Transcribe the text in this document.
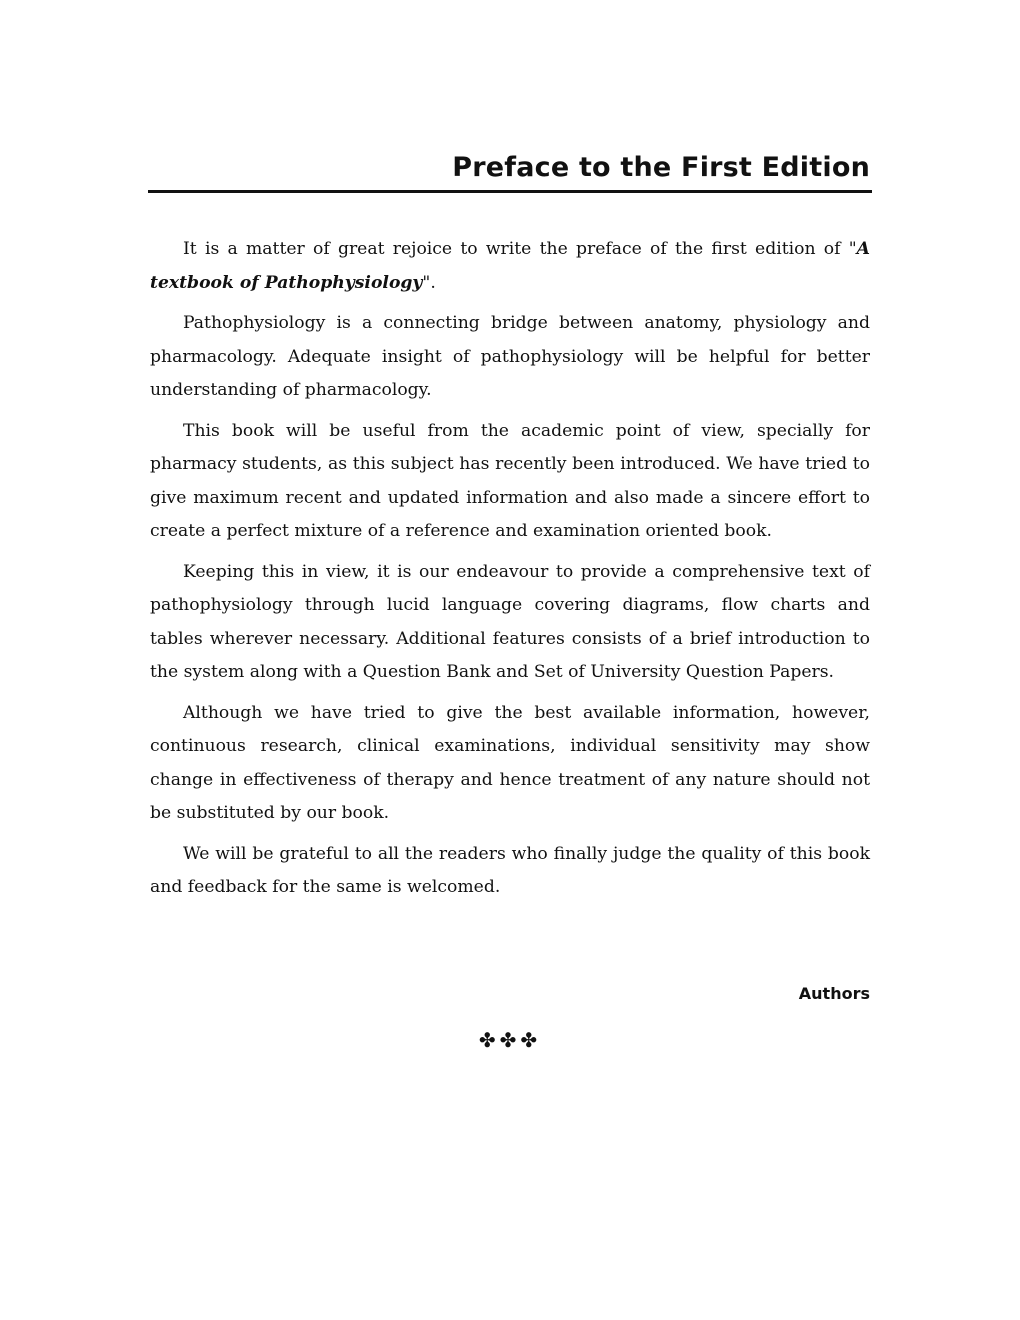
Preface to the First Edition

It is a matter of great rejoice to write the preface of the first edition of "A textbook of Pathophysiology".

Pathophysiology is a connecting bridge between anatomy, physiology and pharmacology. Adequate insight of pathophysiology will be helpful for better understanding of pharmacology.

This book will be useful from the academic point of view, specially for pharmacy students, as this subject has recently been introduced. We have tried to give maximum recent and updated information and also made a sincere effort to create a perfect mixture of a reference and examination oriented book.

Keeping this in view, it is our endeavour to provide a comprehensive text of pathophysiology through lucid language covering diagrams, flow charts and tables wherever necessary. Additional features consists of a brief introduction to the system along with a Question Bank and Set of University Question Papers.

Although we have tried to give the best available information, however, continuous research, clinical examinations, individual sensitivity may show change in effectiveness of therapy and hence treatment of any nature should not be substituted by our book.

We will be grateful to all the readers who finally judge the quality of this book and feedback for the same is welcomed.

Authors
✤✤✤
